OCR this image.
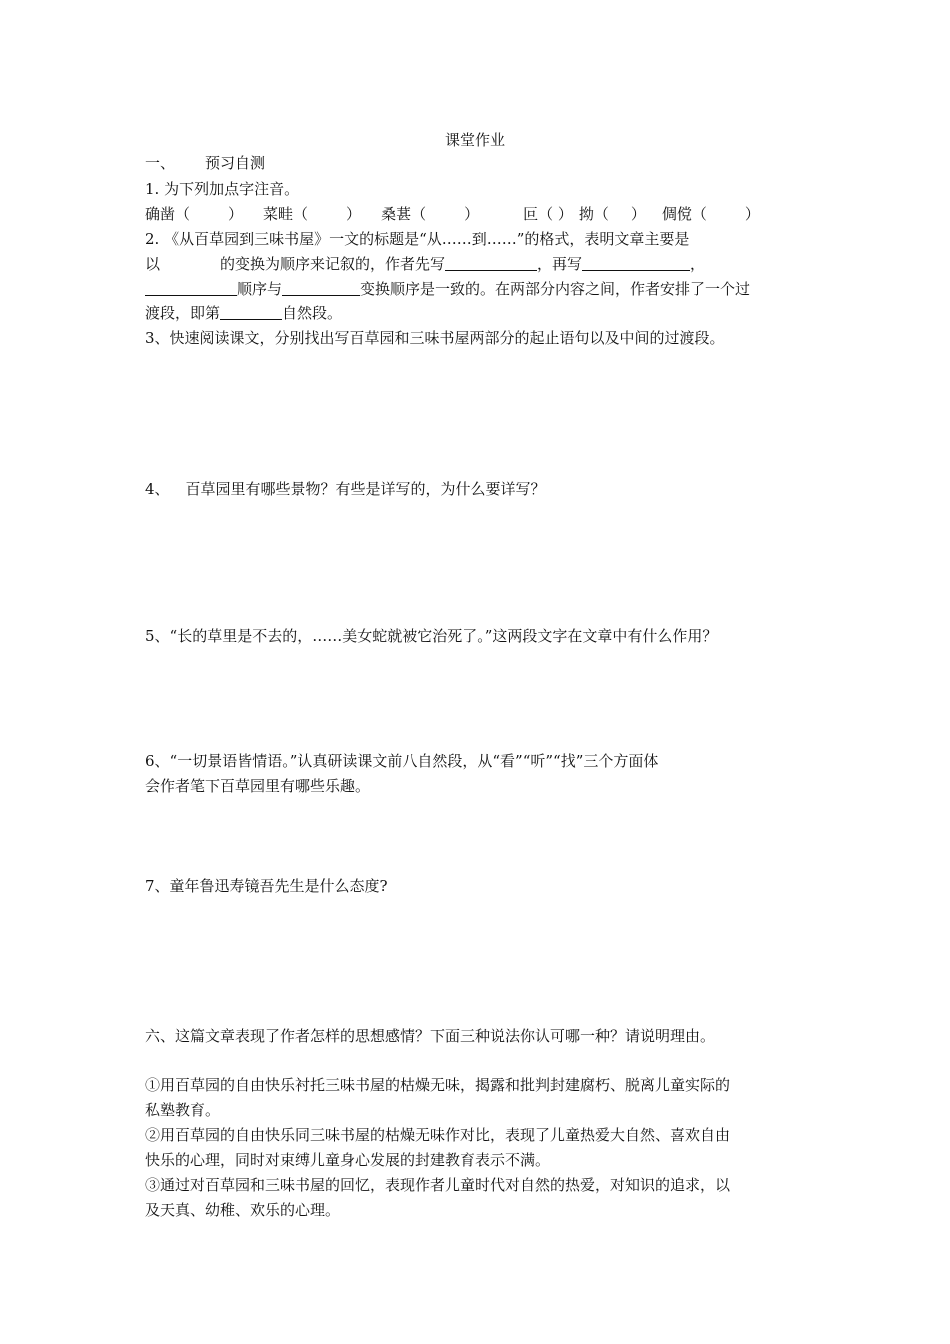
课堂作业
一、 预习自测
1. 为下列加点字注音。
确凿（	） 菜畦（	） 桑葚（	）	叵（ ） 拗（ ） 倜傥（	）
2. 《从百草园到三味书屋》一文的标题是“从……到……”的格式，表明文章主要是
以	的变换为顺序来记叙的，作者先写	，再写	，
顺序与	变换顺序是一致的。在两部分内容之间，作者安排了一个过
渡段，即第	自然段。
3、快速阅读课文，分别找出写百草园和三味书屋两部分的起止语句以及中间的过渡段。
4、 百草园里有哪些景物？有些是详写的，为什么要详写？
5、“长的草里是不去的，……美女蛇就被它治死了。”这两段文字在文章中有什么作用？
6、“一切景语皆情语。”认真研读课文前八自然段，从“看”“听”“找”三个方面体
会作者笔下百草园里有哪些乐趣。
7、童年鲁迅寿镜吾先生是什么态度?
六、这篇文章表现了作者怎样的思想感情？下面三种说法你认可哪一种？请说明理由。
①用百草园的自由快乐衬托三味书屋的枯燥无味，揭露和批判封建腐朽、脱离儿童实际的
私塾教育。
②用百草园的自由快乐同三味书屋的枯燥无味作对比，表现了儿童热爱大自然、喜欢自由
快乐的心理，同时对束缚儿童身心发展的封建教育表示不满。
③通过对百草园和三味书屋的回忆，表现作者儿童时代对自然的热爱，对知识的追求，以
及天真、幼稚、欢乐的心理。
